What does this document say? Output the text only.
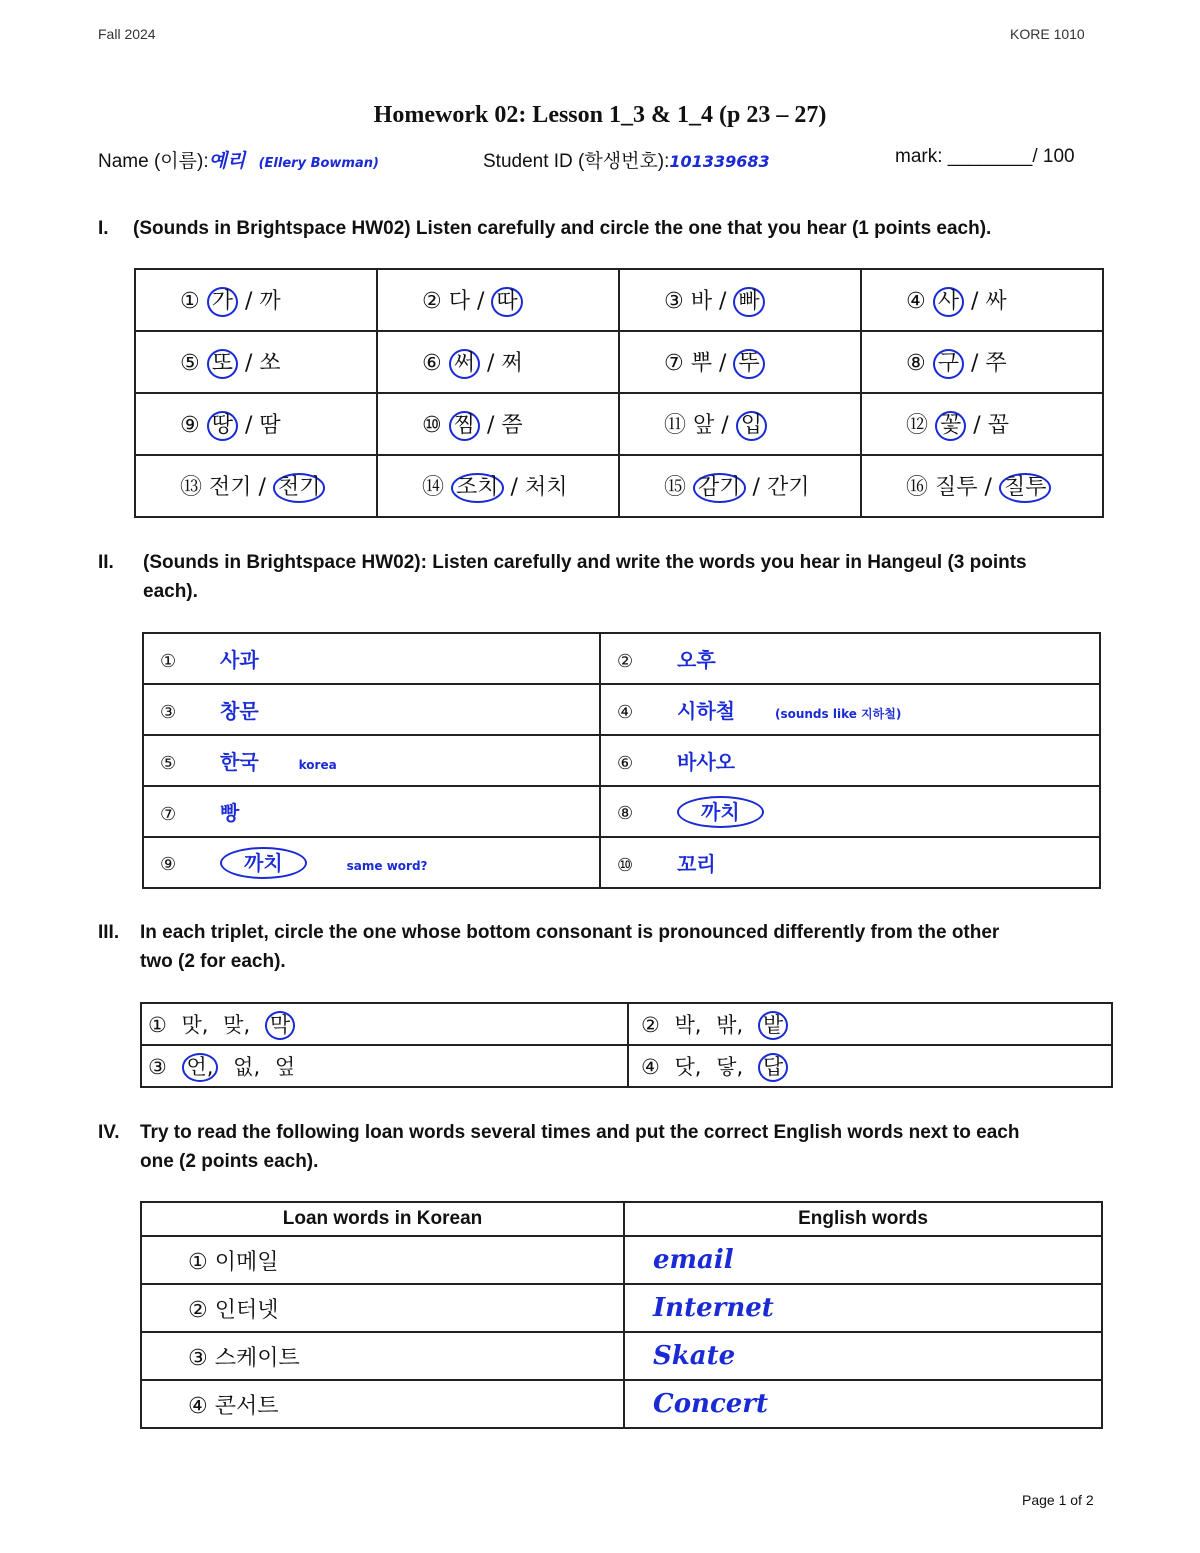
Fall 2024	KORE 1010
Homework 02: Lesson 1_3 & 1_4 (p 23 – 27)
Name (이름):예리 (Ellery Bowman)	Student ID (학생번호):101339683	mark: ________/ 100
I. (Sounds in Brightspace HW02) Listen carefully and circle the one that you hear (1 points each).
① 가 / 까	② 다 / 따	③ 바 / 빠	④ 사 / 싸

⑤ 또 / 쏘	⑥ 써 / 쩌	⑦ 뿌 / 뚜	⑧ 구 / 쭈

⑨ 땅 / 땀	⑩ 찜 / 쯤	⑪ 앞 / 입	⑫ 꽃 / 꼽

⑬ 전기 / 천기	⑭ 조치 / 처치	⑮ 감기 / 간기	⑯ 질투 / 칠투
II. (Sounds in Brightspace HW02): Listen carefully and write the words you hear in Hangeul (3 points
each).
① 사과	② 오후
③ 창문	④ 시하철 (sounds like 지하철)
⑤ 한국 korea	⑥ 바사오
⑦ 빵	⑧ 까치
⑨ 까치 same word?	⑩ 꼬리
III. In each triplet, circle the one whose bottom consonant is pronounced differently from the other
two (2 for each).
① 맛, 맞, 막	② 박, 밖, 밭
③ 언, 없, 엎	④ 닷, 닿, 답
IV. Try to read the following loan words several times and put the correct English words next to each
one (2 points each).
Loan words in Korean	English words
① 이메일	email
② 인터넷	Internet
③ 스케이트	Skate
④ 콘서트	Concert
Page 1 of 2
